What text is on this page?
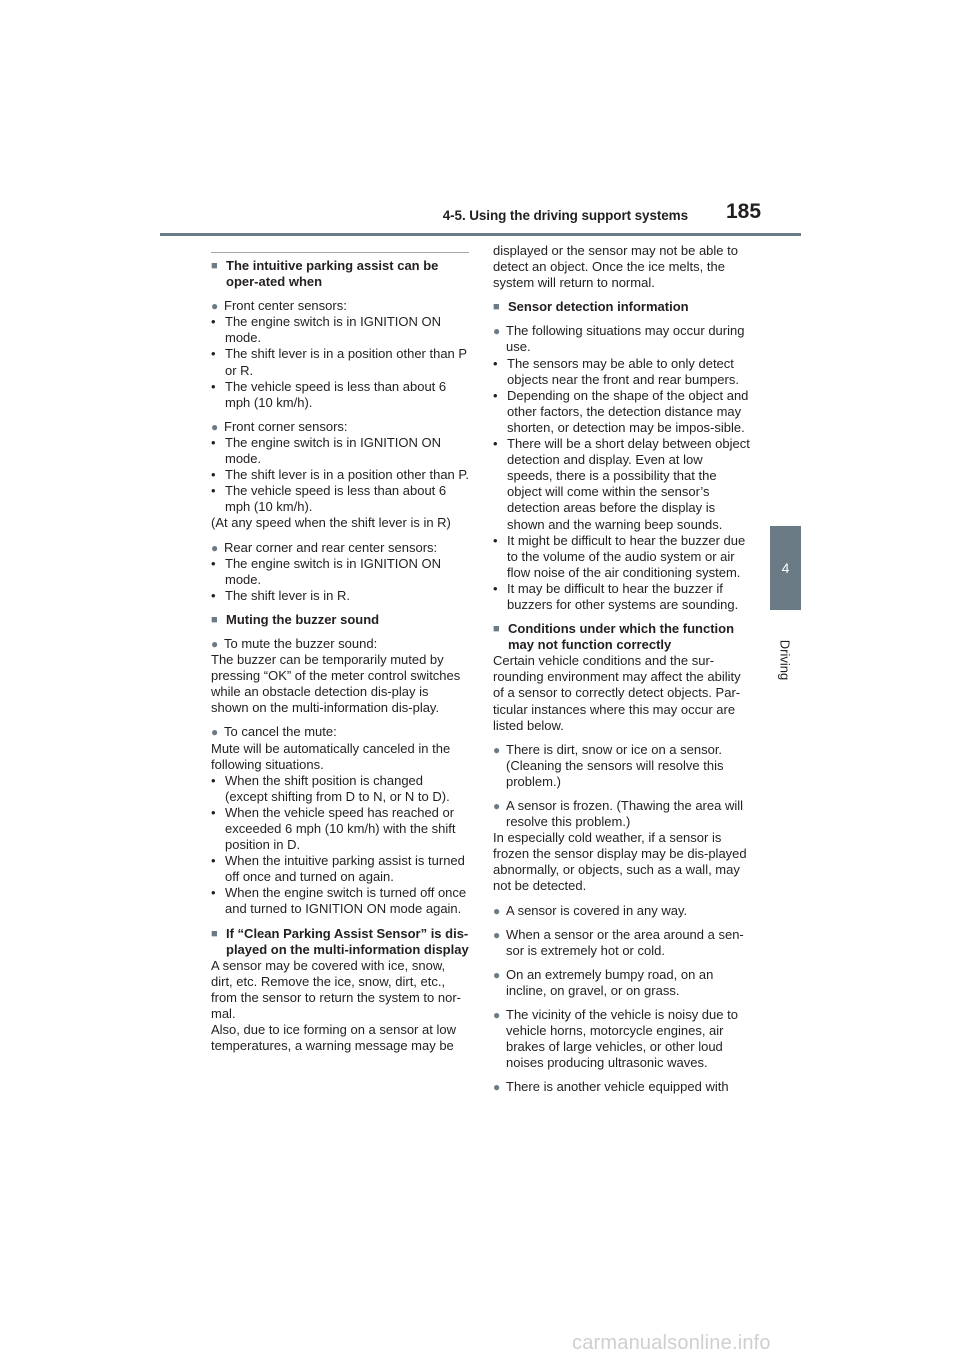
4-5. Using the driving support systems 185
4
Driving
■ The intuitive parking assist can be oper-ated when
● Front center sensors:
• The engine switch is in IGNITION ON mode.
• The shift lever is in a position other than P or R.
• The vehicle speed is less than about 6 mph (10 km/h).
● Front corner sensors:
• The engine switch is in IGNITION ON mode.
• The shift lever is in a position other than P.
• The vehicle speed is less than about 6 mph (10 km/h).

(At any speed when the shift lever is in R)

● Rear corner and rear center sensors:
• The engine switch is in IGNITION ON mode.
• The shift lever is in R.
■ Muting the buzzer sound
● To mute the buzzer sound:

The buzzer can be temporarily muted by pressing “OK” of the meter control switches while an obstacle detection dis-play is shown on the multi-information dis-play.

● To cancel the mute:

Mute will be automatically canceled in the following situations.

• When the shift position is changed (except shifting from D to N, or N to D).
• When the vehicle speed has reached or exceeded 6 mph (10 km/h) with the shift position in D.
• When the intuitive parking assist is turned off once and turned on again.
• When the engine switch is turned off once and turned to IGNITION ON mode again.
■ If “Clean Parking Assist Sensor” is dis-played on the multi-information display

A sensor may be covered with ice, snow, dirt, etc. Remove the ice, snow, dirt, etc., from the sensor to return the system to nor-mal.

Also, due to ice forming on a sensor at low temperatures, a warning message may be

displayed or the sensor may not be able to detect an object. Once the ice melts, the system will return to normal.

■ Sensor detection information
● The following situations may occur during use.
• The sensors may be able to only detect objects near the front and rear bumpers.
• Depending on the shape of the object and other factors, the detection distance may shorten, or detection may be impos-sible.
• There will be a short delay between object detection and display. Even at low speeds, there is a possibility that the object will come within the sensor’s detection areas before the display is shown and the warning beep sounds.
• It might be difficult to hear the buzzer due to the volume of the audio system or air flow noise of the air conditioning system.
• It may be difficult to hear the buzzer if buzzers for other systems are sounding.
■ Conditions under which the function may not function correctly

Certain vehicle conditions and the sur-rounding environment may affect the ability of a sensor to correctly detect objects. Par-ticular instances where this may occur are listed below.

● There is dirt, snow or ice on a sensor. (Cleaning the sensors will resolve this problem.)
● A sensor is frozen. (Thawing the area will resolve this problem.)

In especially cold weather, if a sensor is frozen the sensor display may be dis-played abnormally, or objects, such as a wall, may not be detected.

● A sensor is covered in any way.
● When a sensor or the area around a sen-sor is extremely hot or cold.
● On an extremely bumpy road, on an incline, on gravel, or on grass.
● The vicinity of the vehicle is noisy due to vehicle horns, motorcycle engines, air brakes of large vehicles, or other loud noises producing ultrasonic waves.
● There is another vehicle equipped with
carmanualsonline.info
